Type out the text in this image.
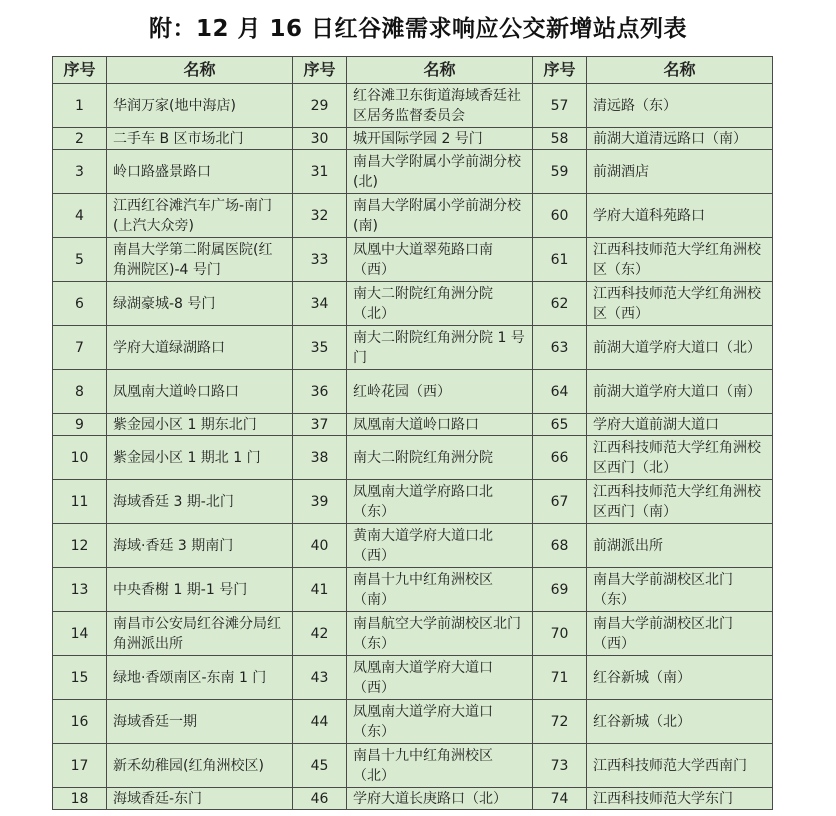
附：12 月 16 日红谷滩需求响应公交新增站点列表
序号	名称	序号	名称	序号	名称
1	华润万家(地中海店)	29	红谷滩卫东街道海域香廷社区居务监督委员会	57	清远路（东）
2	二手车 B 区市场北门	30	城开国际学园 2 号门	58	前湖大道清远路口（南）
3	岭口路盛景路口	31	南昌大学附属小学前湖分校(北)	59	前湖酒店
4	江西红谷滩汽车广场-南门(上汽大众旁)	32	南昌大学附属小学前湖分校(南)	60	学府大道科苑路口
5	南昌大学第二附属医院(红角洲院区)-4 号门	33	凤凰中大道翠苑路口南（西）	61	江西科技师范大学红角洲校区（东）
6	绿湖豪城-8 号门	34	南大二附院红角洲分院（北）	62	江西科技师范大学红角洲校区（西）
7	学府大道绿湖路口	35	南大二附院红角洲分院 1 号门	63	前湖大道学府大道口（北）
8	凤凰南大道岭口路口	36	红岭花园（西）	64	前湖大道学府大道口（南）
9	紫金园小区 1 期东北门	37	凤凰南大道岭口路口	65	学府大道前湖大道口
10	紫金园小区 1 期北 1 门	38	南大二附院红角洲分院	66	江西科技师范大学红角洲校区西门（北）
11	海域香廷 3 期-北门	39	凤凰南大道学府路口北（东）	67	江西科技师范大学红角洲校区西门（南）
12	海域·香廷 3 期南门	40	黄南大道学府大道口北（西）	68	前湖派出所
13	中央香榭 1 期-1 号门	41	南昌十九中红角洲校区（南）	69	南昌大学前湖校区北门（东）
14	南昌市公安局红谷滩分局红角洲派出所	42	南昌航空大学前湖校区北门（东）	70	南昌大学前湖校区北门（西）
15	绿地·香颂南区-东南 1 门	43	凤凰南大道学府大道口（西）	71	红谷新城（南）
16	海域香廷一期	44	凤凰南大道学府大道口（东）	72	红谷新城（北）
17	新禾幼稚园(红角洲校区)	45	南昌十九中红角洲校区（北）	73	江西科技师范大学西南门
18	海域香廷-东门	46	学府大道长庚路口（北）	74	江西科技师范大学东门
